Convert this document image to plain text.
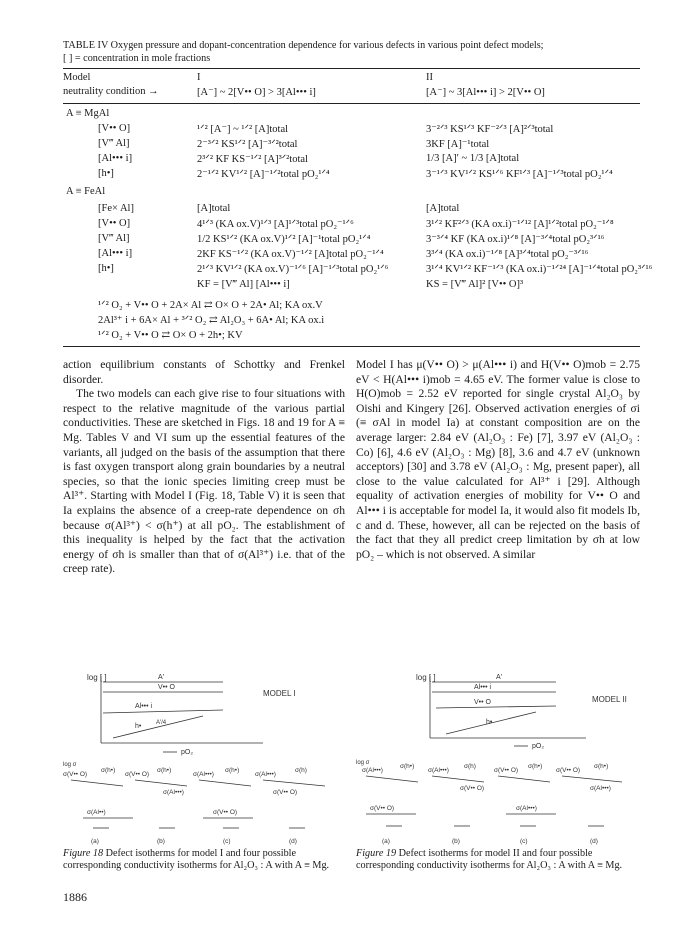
TABLE IV Oxygen pressure and dopant-concentration dependence for various defects in various point defect models;
[ ] = concentration in mole fractions
Model
neutrality condition →
I	II
[A⁻] ~ 2[V•• O] > 3[Al••• i]	[A⁻] ~ 3[Al••• i] > 2[V•• O]
A ≡ MgAl
[V•• O]	¹ᐟ² [A⁻] ~ ¹ᐟ² [A]total	3⁻²ᐟ³ KS¹ᐟ³ KF⁻²ᐟ³ [A]²ᐟ³total
[V‴ Al]	2⁻³ᐟ² KS¹ᐟ² [A]⁻³ᐟ²total	3KF [A]⁻¹total
[Al••• i]	2³ᐟ² KF KS⁻¹ᐟ² [A]³ᐟ²total	1/3 [A]′ ~ 1/3 [A]total
[h•]	2⁻¹ᐟ² KV¹ᐟ² [A]⁻¹ᐟ²total pO₂¹ᐟ⁴	3⁻¹ᐟ³ KV¹ᐟ² KS¹ᐟ⁶ KF¹ᐟ³ [A]⁻¹ᐟ³total pO₂¹ᐟ⁴
A ≡ FeAl
[Fe× Al]	[A]total	[A]total
[V•• O]	4¹ᐟ³ (KA ox.V)¹ᐟ³ [A]¹ᐟ³total pO₂⁻¹ᐟ⁶	3¹ᐟ² KF²ᐟ³ (KA ox.i)⁻¹ᐟ¹² [A]¹ᐟ²total pO₂⁻¹ᐟ⁸
[V‴ Al]	1/2 KS¹ᐟ² (KA ox.V)¹ᐟ² [A]⁻¹total pO₂¹ᐟ⁴	3⁻³ᐟ⁴ KF (KA ox.i)¹ᐟ⁸ [A]⁻³ᐟ⁴total pO₂³ᐟ¹⁶
[Al••• i]	2KF KS⁻¹ᐟ² (KA ox.V)⁻¹ᐟ² [A]total pO₂⁻¹ᐟ⁴	3³ᐟ⁴ (KA ox.i)⁻¹ᐟ⁸ [A]³ᐟ⁴total pO₂⁻³ᐟ¹⁶
[h•]	2¹ᐟ³ KV¹ᐟ² (KA ox.V)⁻¹ᐟ⁶ [A]⁻¹ᐟ³total pO₂¹ᐟ⁶	3¹ᐟ⁴ KV¹ᐟ² KF⁻¹ᐟ³ (KA ox.i)⁻¹ᐟ²⁴ [A]⁻¹ᐟ⁴total pO₂³ᐟ¹⁶
KF = [V‴ Al] [Al••• i]	KS = [V‴ Al]² [V•• O]³
¹ᐟ² O₂ + V•• O + 2A× Al ⇄ O× O + 2A• Al; KA ox.V
2Al³⁺ i + 6A× Al + ³ᐟ² O₂ ⇄ Al₂O₃ + 6A• Al; KA ox.i
¹ᐟ² O₂ + V•• O ⇄ O× O + 2h•; KV

action equilibrium constants of Schottky and Frenkel disorder.

The two models can each give rise to four situations with respect to the relative magnitude of the various partial conductivities. These are sketched in Figs. 18 and 19 for A ≡ Mg. Tables V and VI sum up the essential features of the variants, all judged on the basis of the assumption that there is fast oxygen transport along grain boundaries by a neutral species, so that the ionic species limiting creep must be Al³⁺. Starting with Model I (Fig. 18, Table V) it is seen that Ia explains the absence of a creep-rate dependence on σh because σ(Al³⁺) < σ(h⁺) at all pO₂. The establishment of this inequality is helped by the fact that the activation energy of σh is smaller than that of σ(Al³⁺) i.e. that of the creep rate).

Model I has μ(V•• O) > μ(Al••• i) and H(V•• O)mob = 2.75 eV < H(Al••• i)mob = 4.65 eV. The former value is close to H(O)mob = 2.52 eV reported for single crystal Al₂O₃ by Oishi and Kingery [26]. Observed activation energies of σi (≡ σAl in model Ia) at constant composition are on the average larger: 2.84 eV (Al₂O₃ : Fe) [7], 3.97 eV (Al₂O₃ : Co) [6], 4.6 eV (Al₂O₃ : Mg) [8], 3.6 and 4.7 eV (unknown acceptors) [30] and 3.78 eV (Al₂O₃ : Mg, present paper), all close to the value calculated for Al³⁺ i [29]. Although equality of activation energies of mobility for V•• O and Al••• i is acceptable for model Ia, it would also fit models Ib, c and d. These, however, all can be rejected on the basis of the fact that they all predict creep limitation by σh at low pO₂ – which is not observed. A similar

log [ ]	A′
V•• O
Al••• i
h• A′/4
MODEL I
pO₂
σ(V•• O)
σ(h•)
σ(V•• O)
σ(h•)
σ(Al•••)
σ(h•)
σ(Al•••)
σ(h)
log σ
σ(Al•••)	σ(V•• O)
σ(Al••)	σ(V•• O)
(a)	(b)	(c)	(d)
Figure 18 Defect isotherms for model I and four possible corresponding conductivity isotherms for Al₂O₃ : A with A ≡ Mg.
log [ ]	A′
Al••• i
V•• O
h•
MODEL II
pO₂
log σ
σ(Al•••)
σ(h•)
σ(Al•••)
σ(h)
σ(V•• O)
σ(h•)
σ(V•• O)
σ(h•)
σ(V•• O)	σ(Al•••)
σ(V•• O)	σ(Al•••)
(a)	(b)	(c)	(d)
Figure 19 Defect isotherms for model II and four possible corresponding conductivity isotherms for Al₂O₃ : A with A ≡ Mg.
1886
